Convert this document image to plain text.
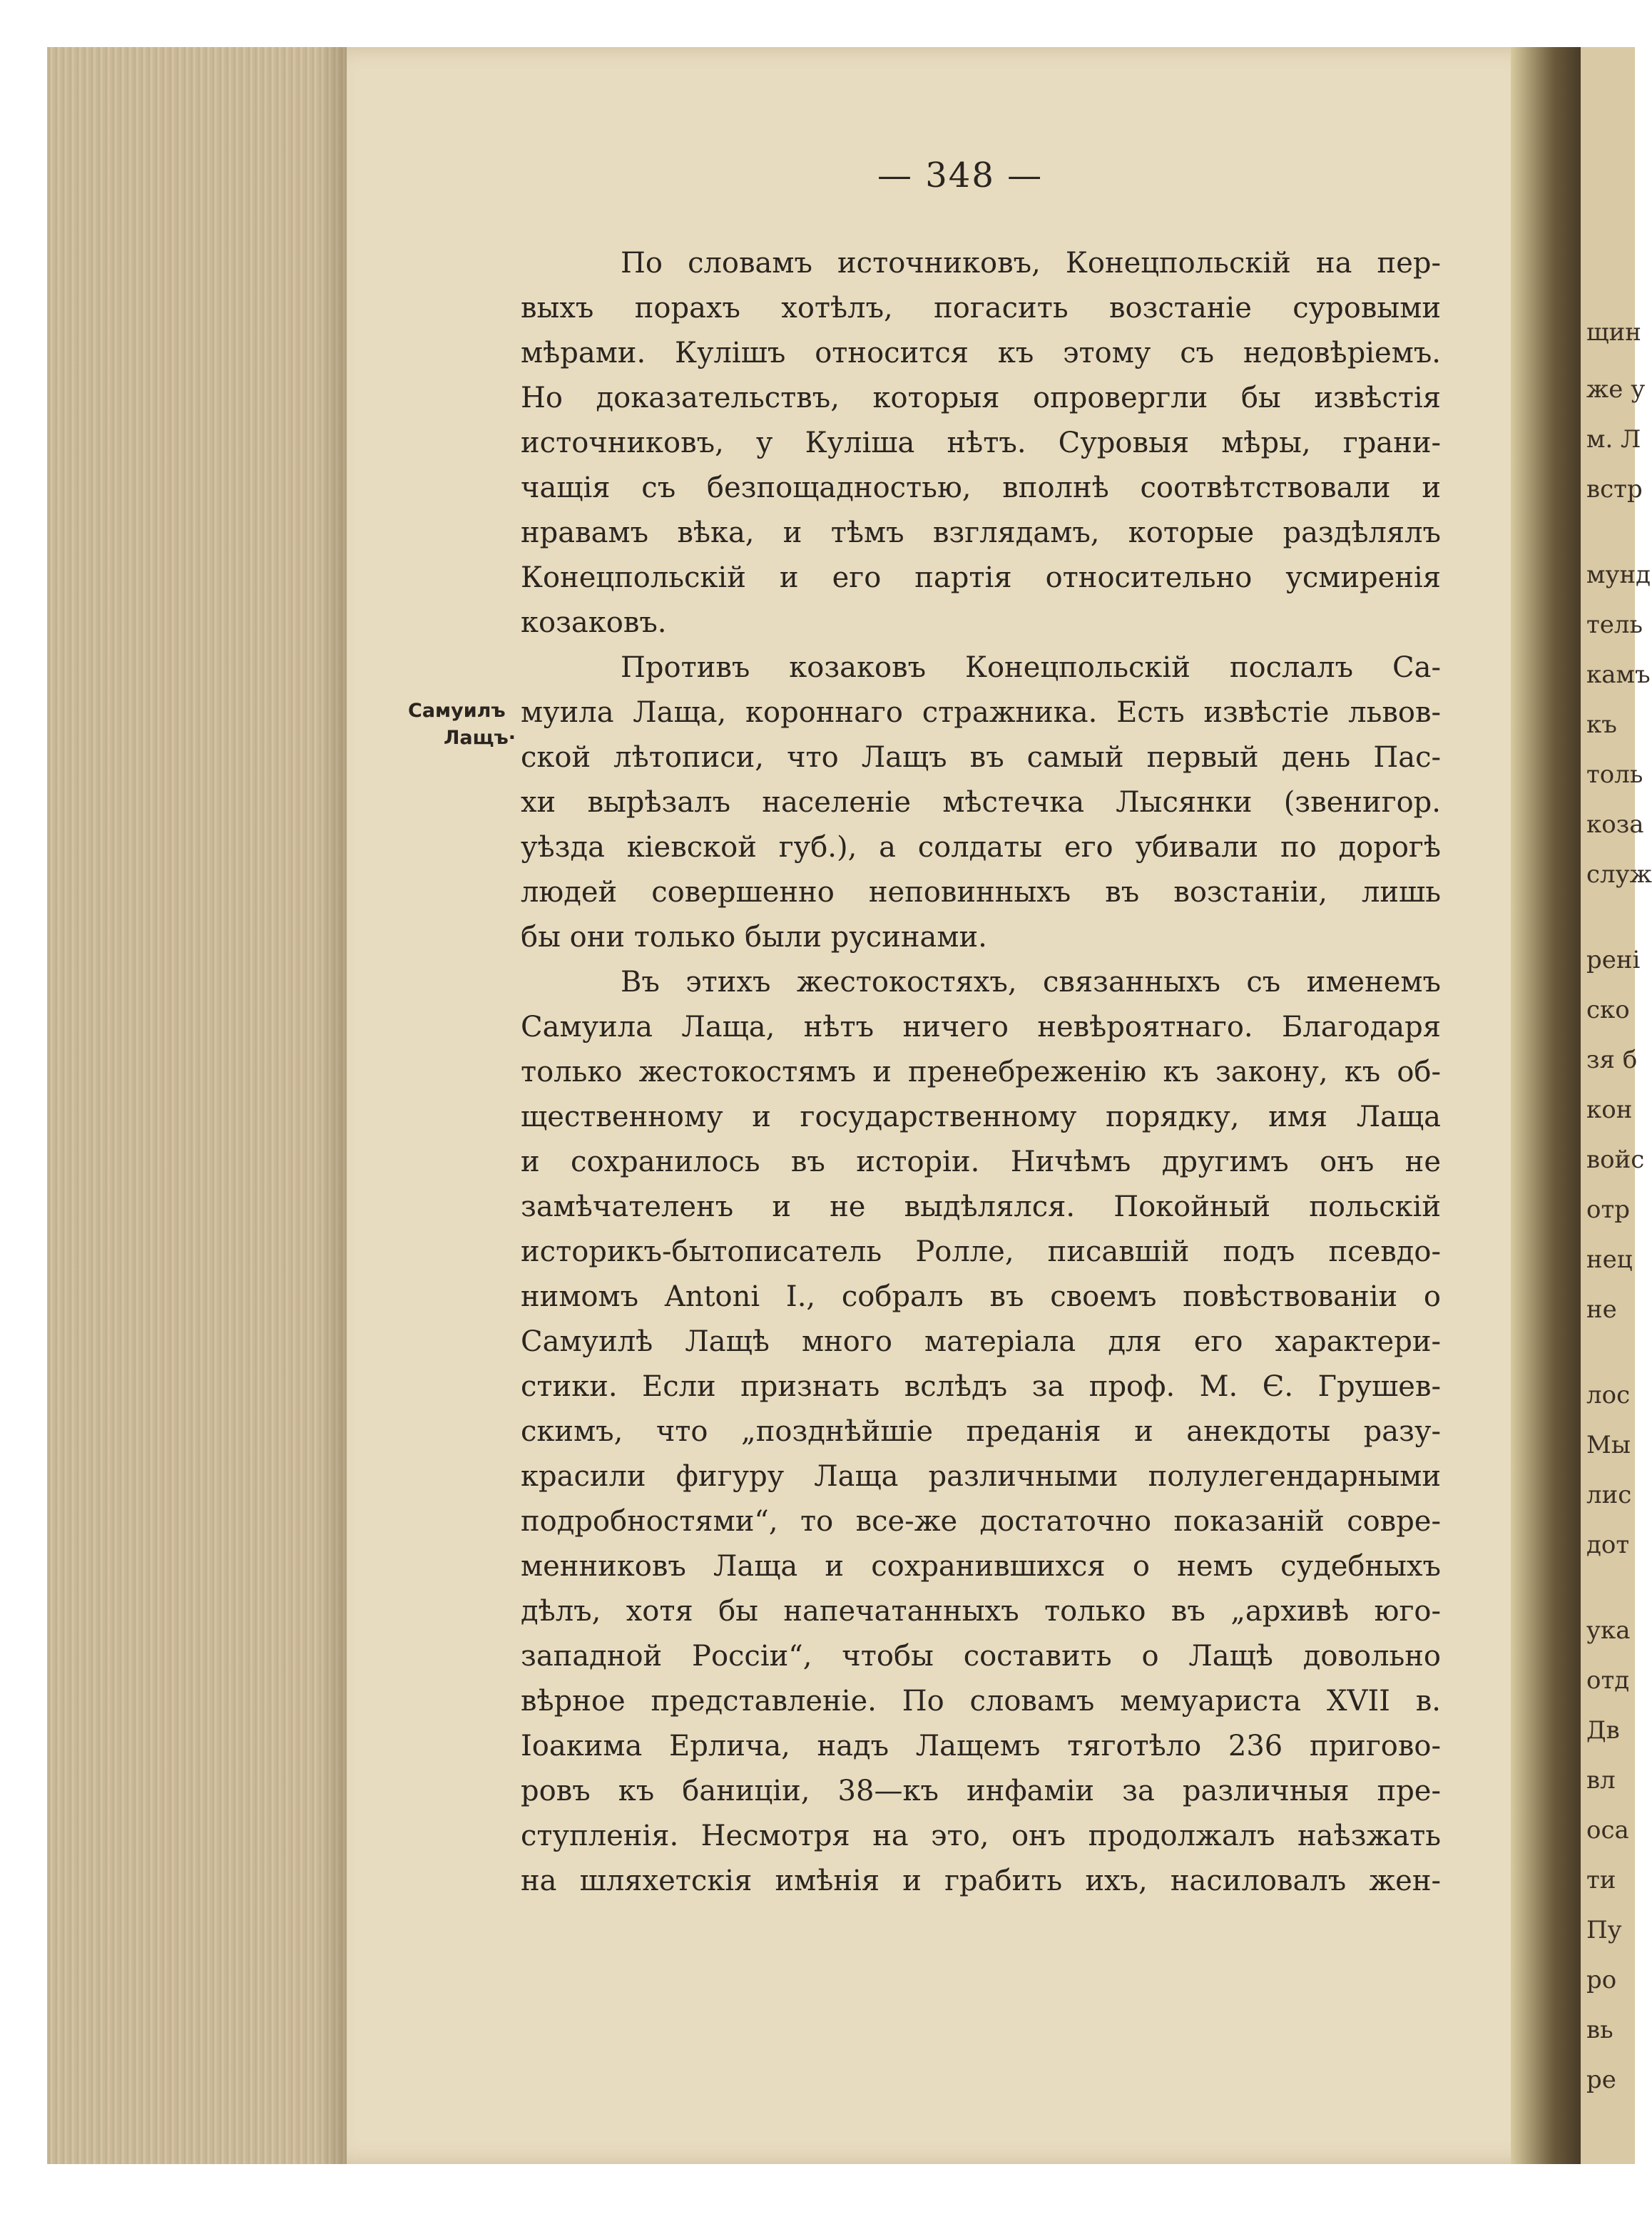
щин
же у
м. Л
встр
мунд
тель
камъ
къ
толь
коза
служ
рені
ско
зя б
кон
войс
отр
нец
не
лос
Мы
лис
дот
ука
отд
Дв
вл
оса
ти
Пу
ро
вь
ре
— 348 —
Самуилъ
Лащъ·
По словамъ источниковъ, Конецпольскій на пер-
выхъ порахъ хотѣлъ, погасить возстаніе суровыми
мѣрами. Кулішъ относится къ этому съ недовѣріемъ.
Но доказательствъ, которыя опровергли бы извѣстія
источниковъ, у Куліша нѣтъ. Суровыя мѣры, грани-
чащія съ безпощадностью, вполнѣ соотвѣтствовали и
нравамъ вѣка, и тѣмъ взглядамъ, которые раздѣлялъ
Конецпольскій и его партія относительно усмиренія
козаковъ.
Противъ козаковъ Конецпольскій послалъ Са-
муила Лаща, короннаго стражника. Есть извѣстіе львов-
ской лѣтописи, что Лащъ въ самый первый день Пас-
хи вырѣзалъ населеніе мѣстечка Лысянки (звенигор.
уѣзда кіевской губ.), а солдаты его убивали по дорогѣ
людей совершенно неповинныхъ въ возстаніи, лишь
бы они только были русинами.
Въ этихъ жестокостяхъ, связанныхъ съ именемъ
Самуила Лаща, нѣтъ ничего невѣроятнаго. Благодаря
только жестокостямъ и пренебреженію къ закону, къ об-
щественному и государственному порядку, имя Лаща
и сохранилось въ исторіи. Ничѣмъ другимъ онъ не
замѣчателенъ и не выдѣлялся. Покойный польскій
историкъ-бытописатель Ролле, писавшій подъ псевдо-
нимомъ Antoni I., собралъ въ своемъ повѣствованіи о
Самуилѣ Лащѣ много матеріала для его характери-
стики. Если признать вслѣдъ за проф. М. Є. Грушев-
скимъ, что „позднѣйшіе преданія и анекдоты разу-
красили фигуру Лаща различными полулегендарными
подробностями“, то все-же достаточно показаній совре-
менниковъ Лаща и сохранившихся о немъ судебныхъ
дѣлъ, хотя бы напечатанныхъ только въ „архивѣ юго-
западной Россіи“, чтобы составить о Лащѣ довольно
вѣрное представленіе. По словамъ мемуариста XVII в.
Іоакима Ерлича, надъ Лащемъ тяготѣло 236 пригово-
ровъ къ баниціи, 38—къ инфаміи за различныя пре-
ступленія. Несмотря на это, онъ продолжалъ наѣзжать
на шляхетскія имѣнія и грабить ихъ, насиловалъ жен-
